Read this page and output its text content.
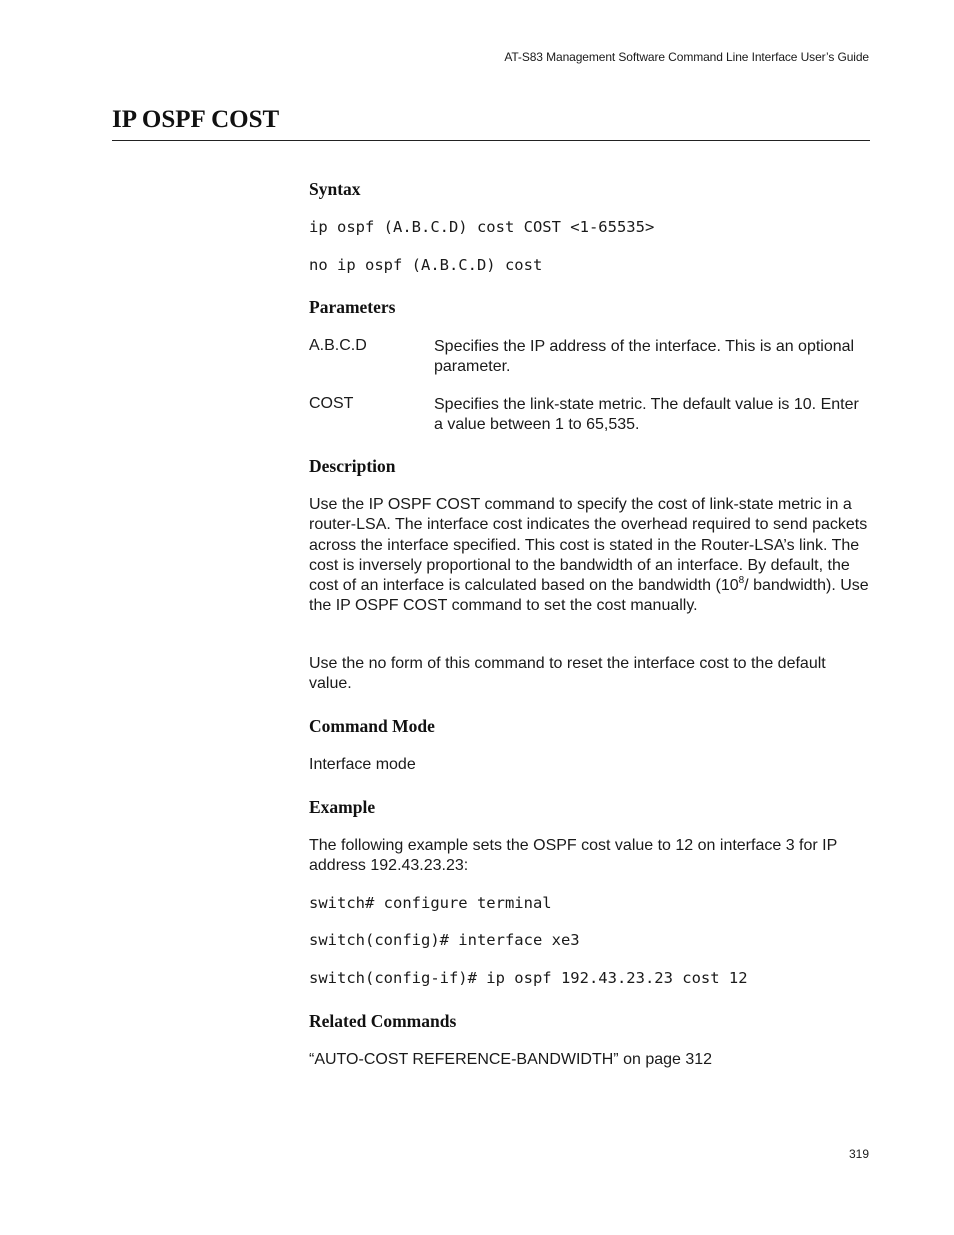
AT-S83 Management Software Command Line Interface User’s Guide
IP OSPF COST
Syntax
ip ospf (A.B.C.D) cost COST <1-65535>
no ip ospf (A.B.C.D) cost
Parameters
A.B.C.D	Specifies the IP address of the interface. This is an optional parameter.
COST	Specifies the link-state metric. The default value is 10. Enter a value between 1 to 65,535.
Description

Use the IP OSPF COST command to specify the cost of link-state metric in a router-LSA. The interface cost indicates the overhead required to send packets across the interface specified. This cost is stated in the Router-LSA’s link. The cost is inversely proportional to the bandwidth of an interface. By default, the cost of an interface is calculated based on the bandwidth ($10^8/$ bandwidth). Use the IP OSPF COST command to set the cost manually.

Use the no form of this command to reset the interface cost to the default value.

Command Mode
Interface mode
Example

The following example sets the OSPF cost value to 12 on interface 3 for IP address 192.43.23.23:

switch# configure terminal
switch(config)# interface xe3
switch(config-if)# ip ospf 192.43.23.23 cost 12
Related Commands
“AUTO-COST REFERENCE-BANDWIDTH” on page 312
319
